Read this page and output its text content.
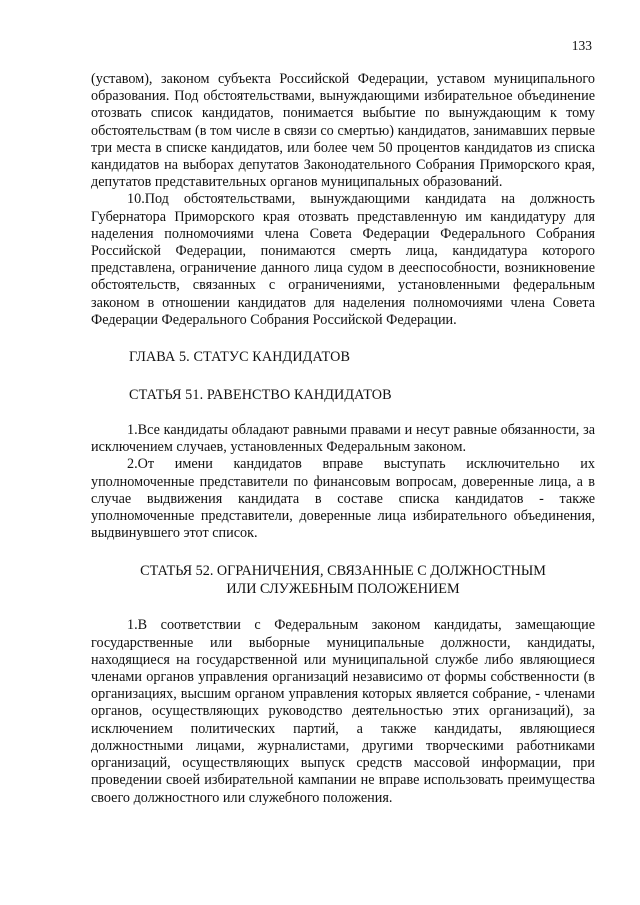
133

(уставом), законом субъекта Российской Федерации, уставом муниципального образования. Под обстоятельствами, вынуждающими избирательное объединение отозвать список кандидатов, понимается выбытие по вынуждающим к тому обстоятельствам (в том числе в связи со смертью) кандидатов, занимавших первые три места в списке кандидатов, или более чем 50 процентов кандидатов из списка кандидатов на выборах депутатов Законодательного Собрания Приморского края, депутатов представительных органов муниципальных образований.

10.Под обстоятельствами, вынуждающими кандидата на должность Губернатора Приморского края отозвать представленную им кандидатуру для наделения полномочиями члена Совета Федерации Федерального Собрания Российской Федерации, понимаются смерть лица, кандидатура которого представлена, ограничение данного лица судом в дееспособности, возникновение обстоятельств, связанных с ограничениями, установленными федеральным законом в отношении кандидатов для наделения полномочиями члена Совета Федерации Федерального Собрания Российской Федерации.

ГЛАВА 5. СТАТУС КАНДИДАТОВ

СТАТЬЯ 51. РАВЕНСТВО КАНДИДАТОВ

1.Все кандидаты обладают равными правами и несут равные обязанности, за исключением случаев, установленных Федеральным законом.

2.От имени кандидатов вправе выступать исключительно их уполномоченные представители по финансовым вопросам, доверенные лица, а в случае выдвижения кандидата в составе списка кандидатов - также уполномоченные представители, доверенные лица избирательного объединения, выдвинувшего этот список.

СТАТЬЯ 52. ОГРАНИЧЕНИЯ, СВЯЗАННЫЕ С ДОЛЖНОСТНЫМ

ИЛИ СЛУЖЕБНЫМ ПОЛОЖЕНИЕМ

1.В соответствии с Федеральным законом кандидаты, замещающие государственные или выборные муниципальные должности, кандидаты, находящиеся на государственной или муниципальной службе либо являющиеся членами органов управления организаций независимо от формы собственности (в организациях, высшим органом управления которых является собрание, - членами органов, осуществляющих руководство деятельностью этих организаций), за исключением политических партий, а также кандидаты, являющиеся должностными лицами, журналистами, другими творческими работниками организаций, осуществляющих выпуск средств массовой информации, при проведении своей избирательной кампании не вправе использовать преимущества своего должностного или служебного положения.
